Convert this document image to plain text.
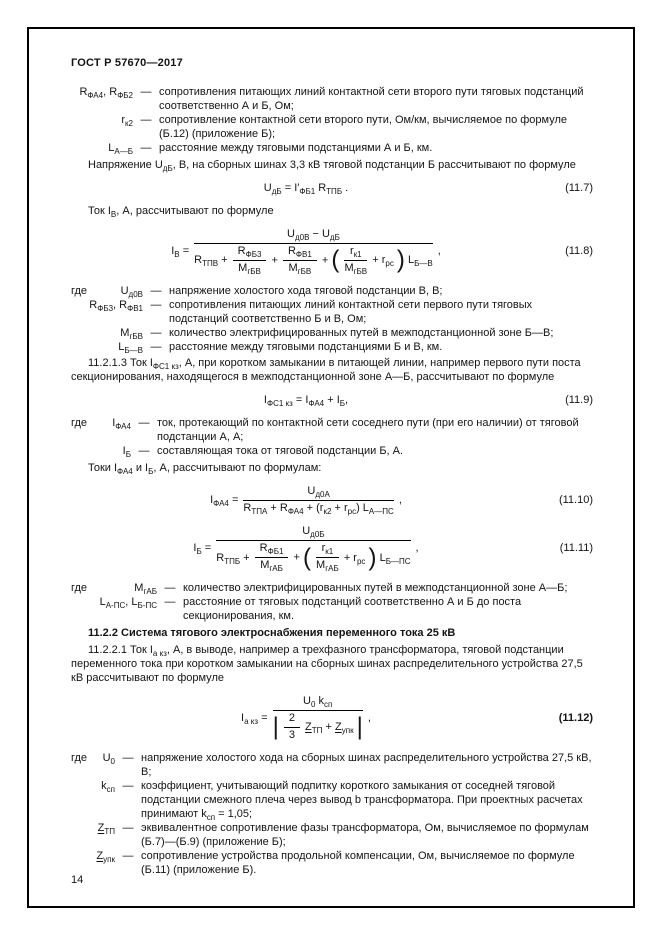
ГОСТ Р 57670—2017
$R_{ФА4}$, $R_{ФБ2}$ — сопротивления питающих линий контактной сети второго пути тяговых подстанций соответственно А и Б, Ом;
$r_{к2}$ — сопротивление контактной сети второго пути, Ом/км, вычисляемое по формуле (Б.12) (приложение Б);
$L_{А—Б}$ — расстояние между тяговыми подстанциями А и Б, км.

Напряжение $U_{дБ}$, В, на сборных шинах 3,3 кВ тяговой подстанции Б рассчитывают по формуле

$U_{дБ} = I'_{ФБ1}$ $R_{ТПБ}$ .	(11.7)

Ток $I_В$, А, рассчитывают по формуле

$I_В$ =
$U_{д0В} - U_{дБ}$
$R_{ТПВ} + \frac{R_{ФБ3}}{M_{гБВ}} + \frac{R_{ФВ1}}{M_{гБВ}}$ + ( $\frac{r_{к1}}{M_{гБВ}} + r_{рс}$ ) $L_{Б—В}$
,	(11.8)
где	$U_{д0В}$ — напряжение холостого хода тяговой подстанции В, В;
$R_{ФБ3}$, $R_{ФВ1}$ — сопротивления питающих линий контактной сети первого пути тяговых подстанций соответственно Б и В, Ом;
$M_{гБВ}$ — количество электрифицированных путей в межподстанционной зоне Б—В;
$L_{Б—В}$ — расстояние между тяговыми подстанциями Б и В, км.

11.2.1.3 Ток $I_{ФС1 кз}$, А, при коротком замыкании в питающей линии, например первого пути поста секционирования, находящегося в межподстанционной зоне А—Б, рассчитывают по формуле

$I_{ФС1 кз} = I_{ФА4} + I_Б$,	(11.9)
где $I_{ФА4}$ — ток, протекающий по контактной сети соседнего пути (при его наличии) от тяговой подстанции А, А;
$I_Б$ — составляющая тока от тяговой подстанции Б, А.

Токи $I_{ФА4}$ и $I_Б$, А, рассчитывают по формулам:

$I_{ФА4} = \frac{U_{д0А}}{R_{ТПА} + R_{ФА4} + (r_{к2} + r_{рс}) L_{А—ПС}}$ ,	(11.10)
$I_Б$ =
$U_{д0Б}$
$R_{ТПБ} + \frac{R_{ФБ1}}{M_{гАБ}}$ + ( $\frac{r_{к1}}{M_{гАБ}} + r_{рс}$ ) $L_{Б—ПС}$
,	(11.11)
где	$M_{гАБ}$ — количество электрифицированных путей в межподстанционной зоне А—Б;
$L_{А-ПС}$, $L_{Б-ПС}$ — расстояние от тяговых подстанций соответственно А и Б до поста секционирования, км.

11.2.2 Система тягового электроснабжения переменного тока 25 кВ

11.2.2.1 Ток $I_{а кз}$, А, в выводе, например а трехфазного трансформатора, тяговой подстанции переменного тока при коротком замыкании на сборных шинах распределительного устройства 27,5 кВ рассчитывают по формуле

$I_{а кз} = \frac{U_0 k_{сп}}{| \frac{2}{3} Z_{ТП} + Z_{упк} |}$ ,	(11.12)
где $U_0$ — напряжение холостого хода на сборных шинах распределительного устройства 27,5 кВ, В;
$k_{сп}$ — коэффициент, учитывающий подпитку короткого замыкания от соседней тяговой подстанции смежного плеча через вывод b трансформатора. При проектных расчетах принимают $k_{сп} = 1,05$;
$Z_{ТП}$ — эквивалентное сопротивление фазы трансформатора, Ом, вычисляемое по формулам (Б.7)—(Б.9) (приложение Б);
$Z_{упк}$ — сопротивление устройства продольной компенсации, Ом, вычисляемое по формуле (Б.11) (приложение Б).
14
